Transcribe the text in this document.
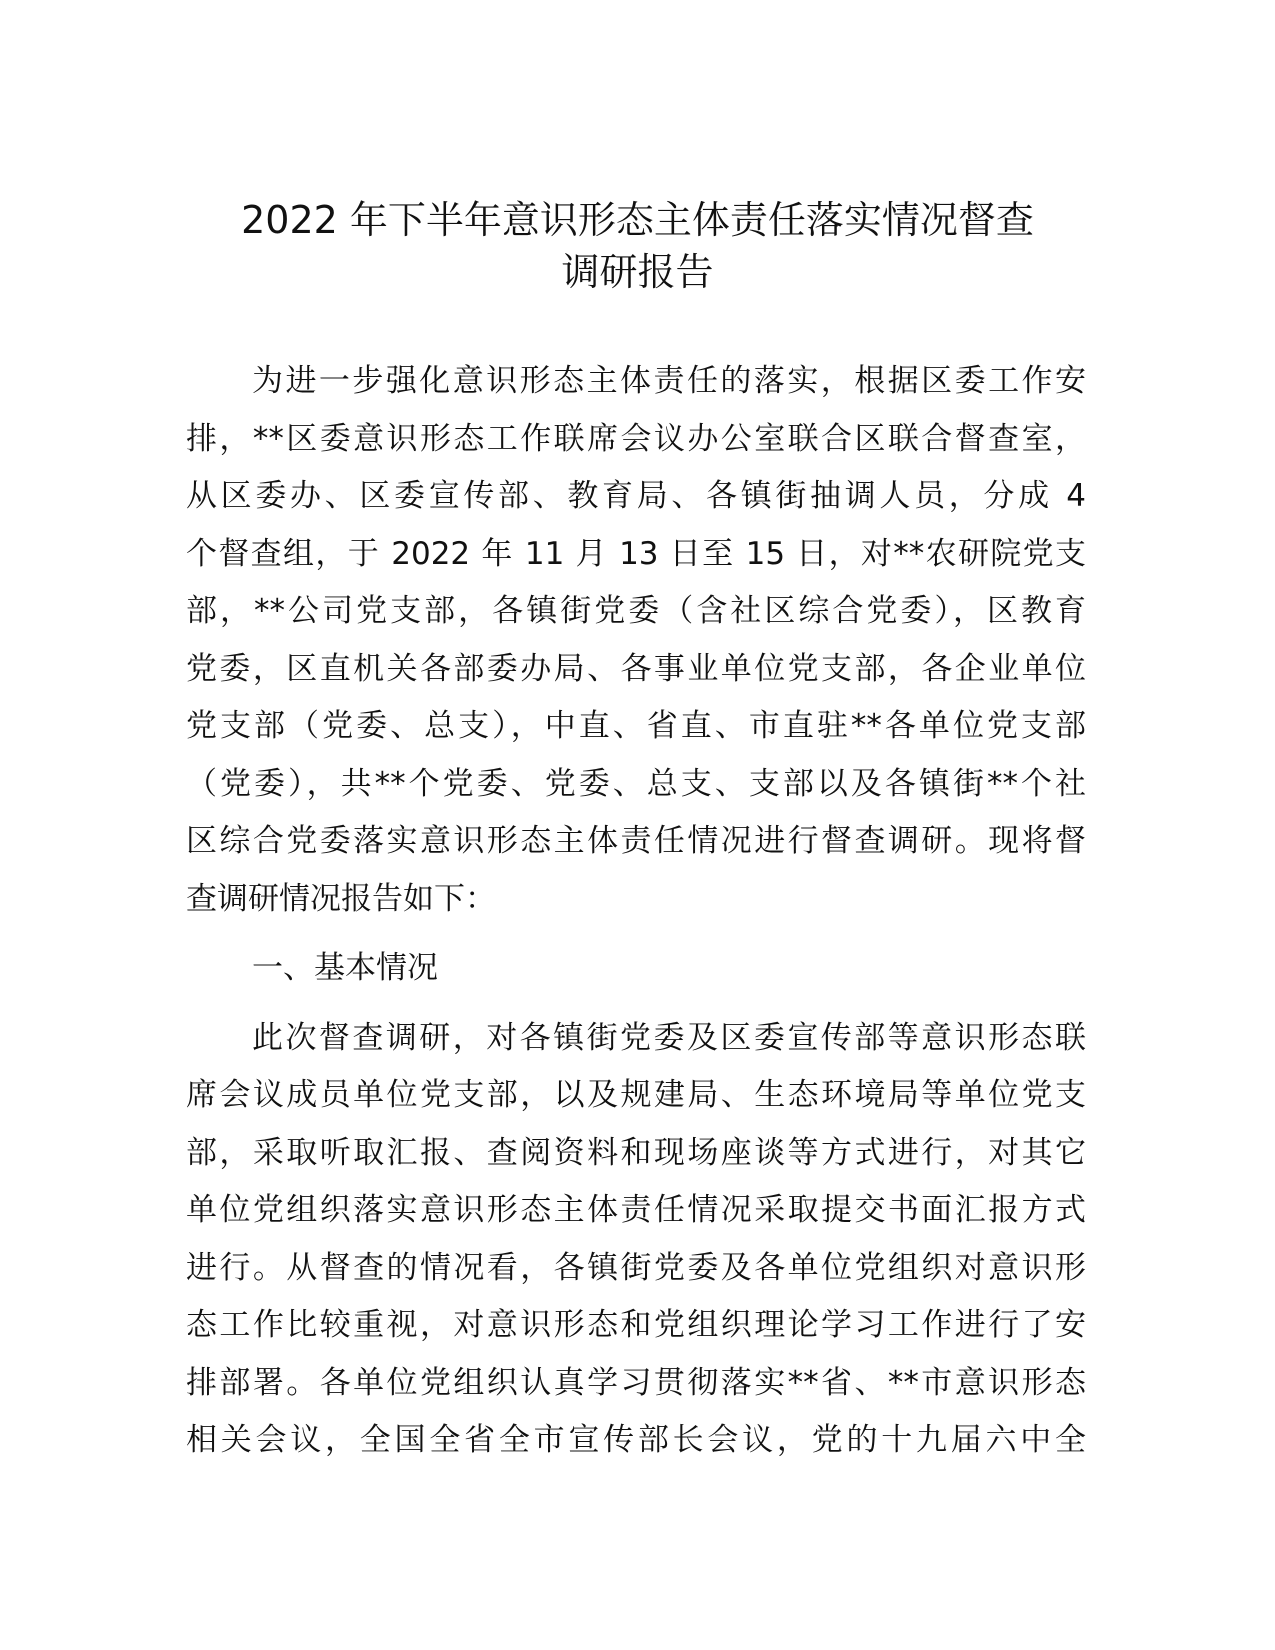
2022 年下半年意识形态主体责任落实情况督查
调研报告
为进一步强化意识形态主体责任的落实，根据区委工作安
排，**区委意识形态工作联席会议办公室联合区联合督查室，
从区委办、区委宣传部、教育局、各镇街抽调人员，分成 4
个督查组，于 2022 年 11 月 13 日至 15 日，对**农研院党支
部，**公司党支部，各镇街党委（含社区综合党委），区教育
党委，区直机关各部委办局、各事业单位党支部，各企业单位
党支部（党委、总支），中直、省直、市直驻**各单位党支部
（党委），共**个党委、党委、总支、支部以及各镇街**个社
区综合党委落实意识形态主体责任情况进行督查调研。现将督
查调研情况报告如下：
一、基本情况
此次督查调研，对各镇街党委及区委宣传部等意识形态联
席会议成员单位党支部，以及规建局、生态环境局等单位党支
部，采取听取汇报、查阅资料和现场座谈等方式进行，对其它
单位党组织落实意识形态主体责任情况采取提交书面汇报方式
进行。从督查的情况看，各镇街党委及各单位党组织对意识形
态工作比较重视，对意识形态和党组织理论学习工作进行了安
排部署。各单位党组织认真学习贯彻落实**省、**市意识形态
相关会议，全国全省全市宣传部长会议，党的十九届六中全
